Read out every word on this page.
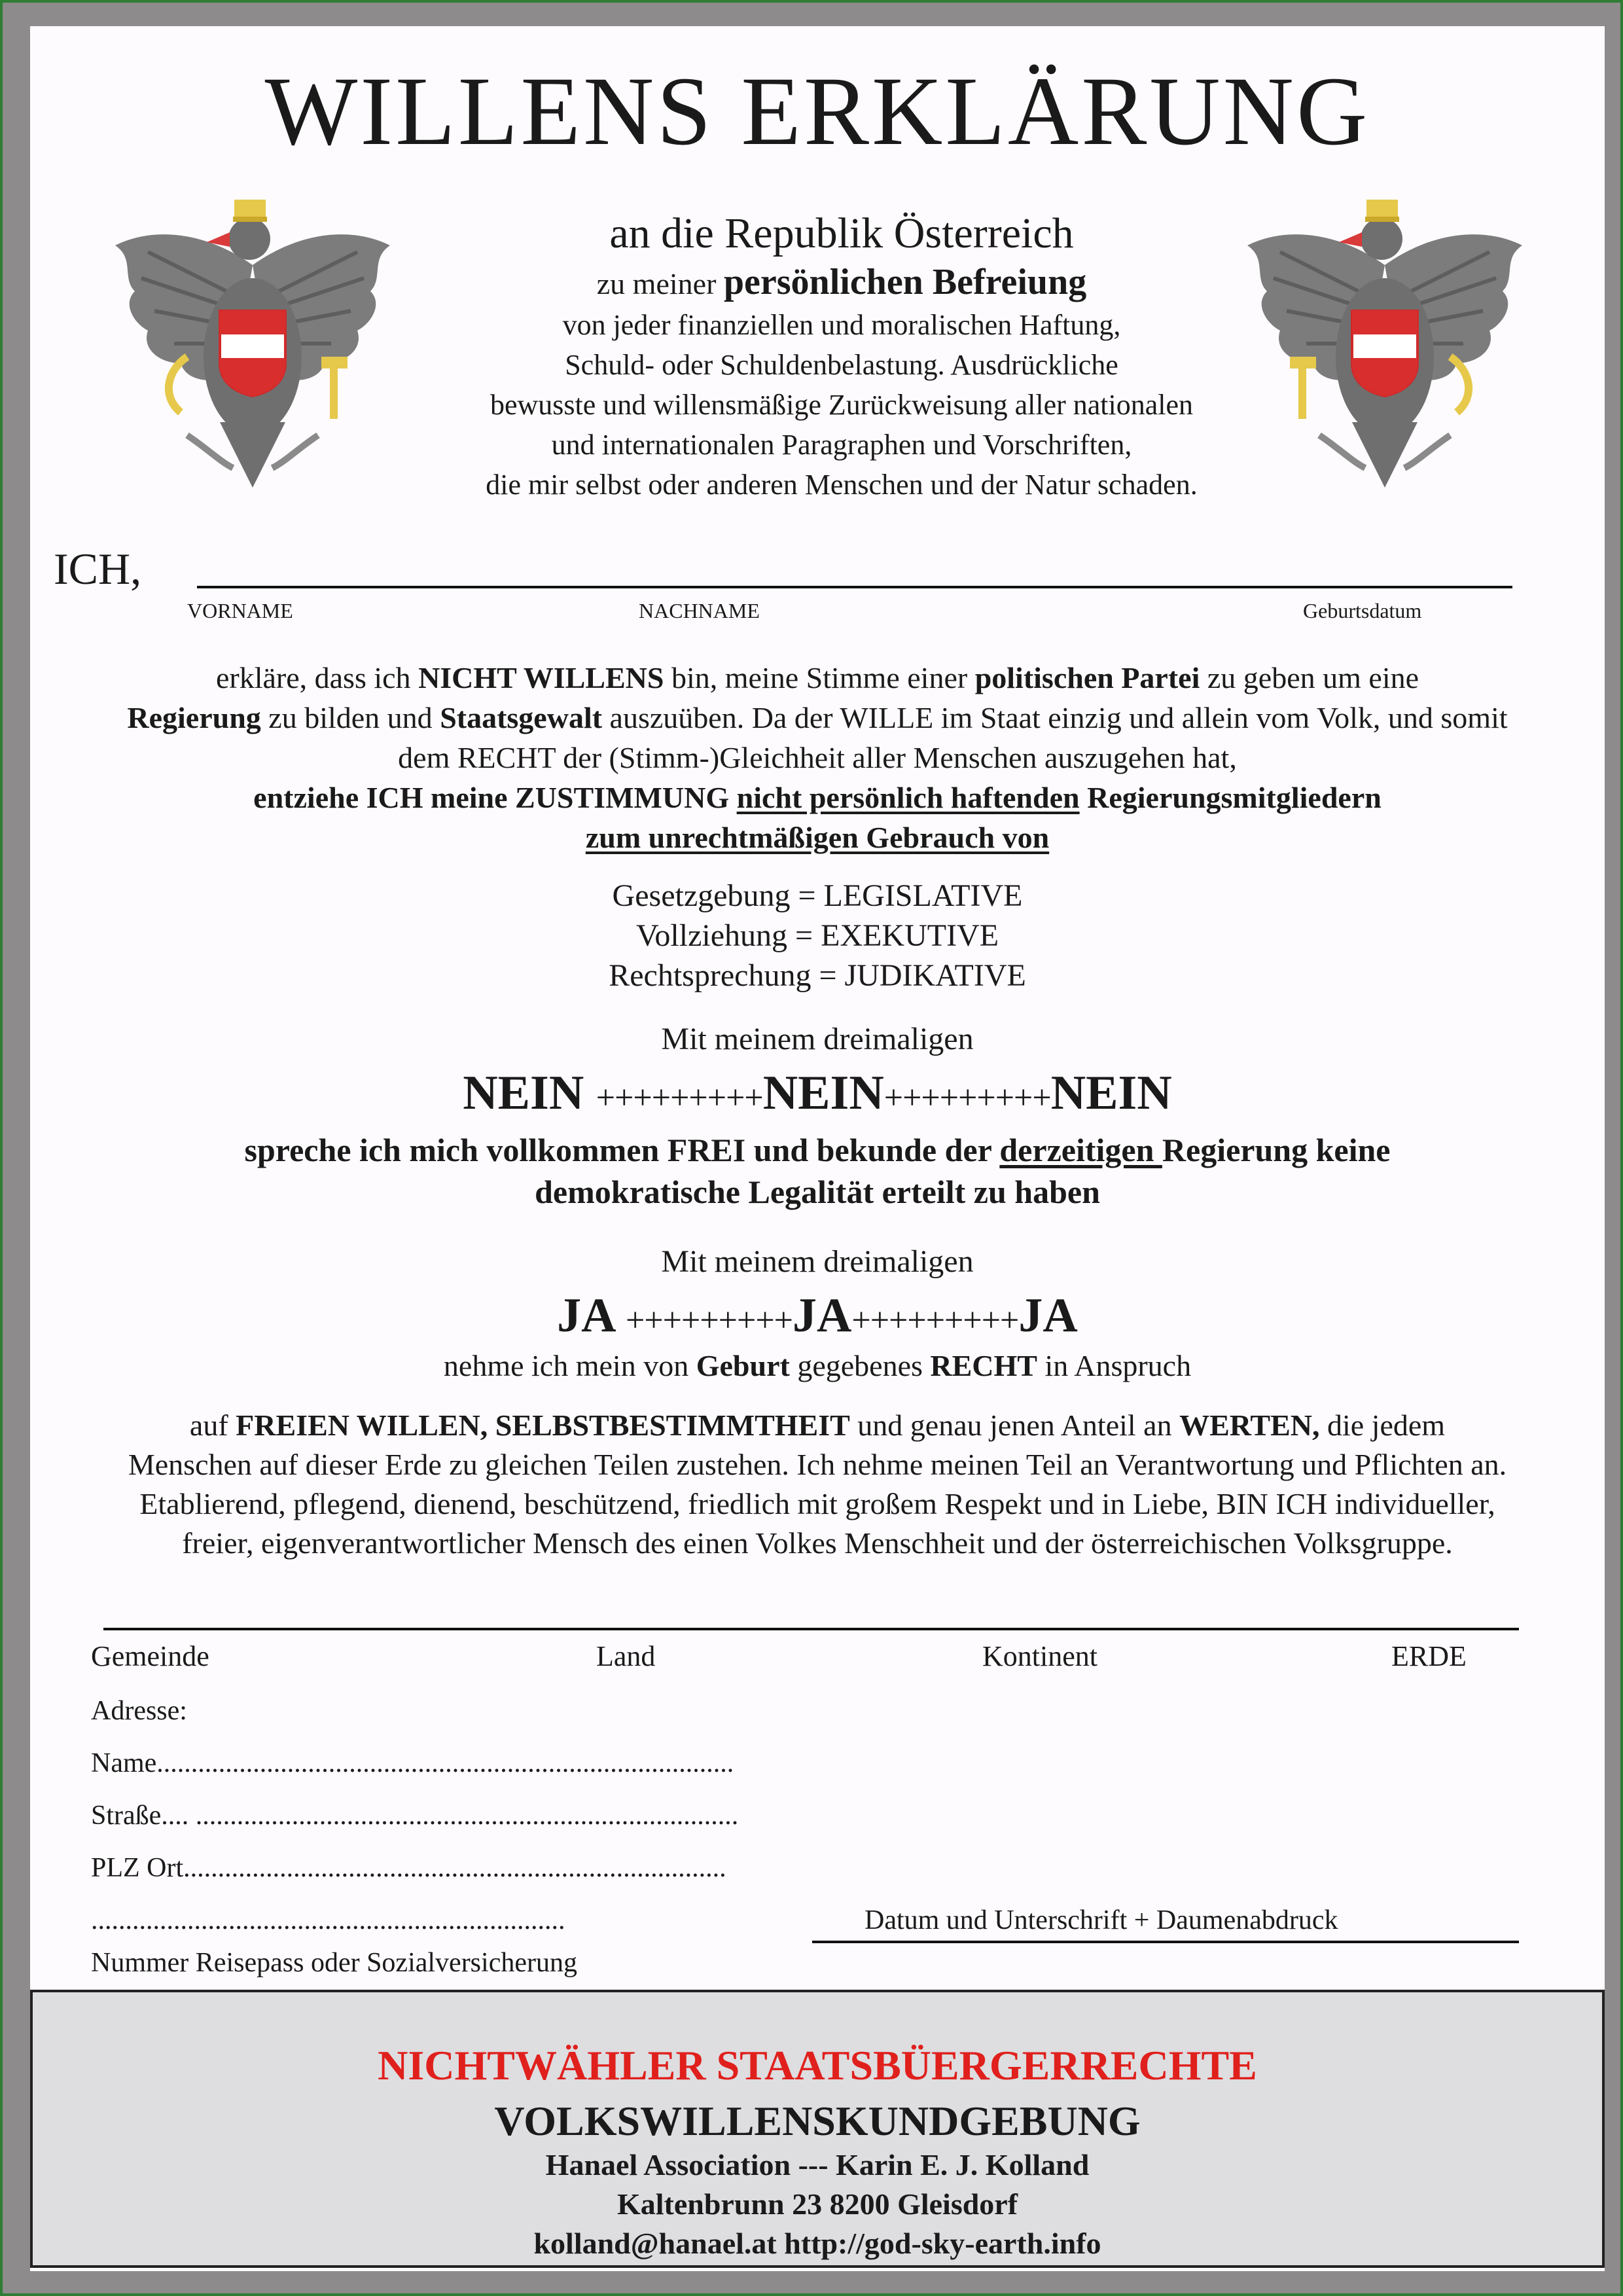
WILLENS ERKLÄRUNG
an die Republik Österreich
zu meiner persönlichen Befreiung
von jeder finanziellen und moralischen Haftung,
Schuld- oder Schuldenbelastung. Ausdrückliche
bewusste und willensmäßige Zurückweisung aller nationalen
und internationalen Paragraphen und Vorschriften,
die mir selbst oder anderen Menschen und der Natur schaden.
ICH,
VORNAME	NACHNAME	Geburtsdatum
erkläre, dass ich NICHT WILLENS bin, meine Stimme einer politischen Partei zu geben um eine
Regierung zu bilden und Staatsgewalt auszuüben. Da der WILLE im Staat einzig und allein vom Volk, und somit
dem RECHT der (Stimm-)Gleichheit aller Menschen auszugehen hat,
entziehe ICH meine ZUSTIMMUNG nicht persönlich haftenden Regierungsmitgliedern
zum unrechtmäßigen Gebrauch von
Gesetzgebung = LEGISLATIVE
Vollziehung = EXEKUTIVE
Rechtsprechung = JUDIKATIVE
Mit meinem dreimaligen
NEIN +++++++++NEIN+++++++++NEIN
spreche ich mich vollkommen FREI und bekunde der derzeitigen Regierung keine
demokratische Legalität erteilt zu haben
Mit meinem dreimaligen
JA +++++++++JA+++++++++JA
nehme ich mein von Geburt gegebenes RECHT in Anspruch
auf FREIEN WILLEN, SELBSTBESTIMMTHEIT und genau jenen Anteil an WERTEN, die jedem
Menschen auf dieser Erde zu gleichen Teilen zustehen. Ich nehme meinen Teil an Verantwortung und Pflichten an.
Etablierend, pflegend, dienend, beschützend, friedlich mit großem Respekt und in Liebe, BIN ICH individueller,
freier, eigenverantwortlicher Mensch des einen Volkes Menschheit und der österreichischen Volksgruppe.
Gemeinde	Land	Kontinent	ERDE
Adresse:
Name....................................................................................
Straße.... ...............................................................................
PLZ Ort...............................................................................
.....................................................................
Nummer Reisepass oder Sozialversicherung
Datum und Unterschrift + Daumenabdruck
NICHTWÄHLER STAATSBÜERGERRECHTE
VOLKSWILLENSKUNDGEBUNG
Hanael Association --- Karin E. J. Kolland
Kaltenbrunn 23 8200 Gleisdorf
kolland@hanael.at http://god-sky-earth.info
